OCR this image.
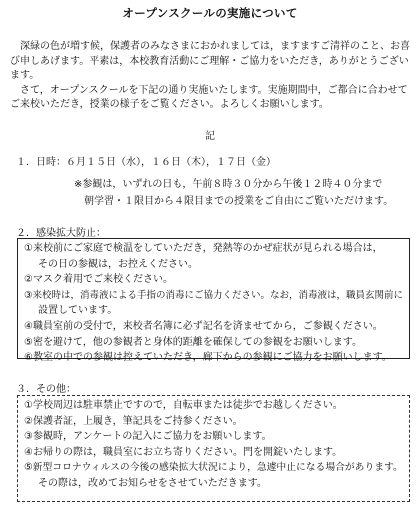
オープンスクールの実施について

深緑の色が増す候，保護者のみなさまにおかれましては，ますますご清祥のこと、お喜び申しあげます。平素は，本校教育活動にご理解・ご協力をいただき，ありがとうございます。

さて，オープンスクールを下記の通り実施いたします。実施期間中，ご都合に合わせてご来校いただき，授業の様子をご覧ください。よろしくお願いします。

記
１．日時：６月１５日（水），１６日（木），１７日（金）
※参観は，いずれの日も，午前８時３０分から午後１２時４０分まで
朝学習・１限目から４限目までの授業をご自由にご覧いただけます。
２．感染拡大防止：
①来校前にご家庭で検温をしていただき，発熱等のかぜ症状が見られる場合は，
その日の参観は，お控えください。
②マスク着用でご来校ください。
③来校時は，消毒液による手指の消毒にご協力ください。なお，消毒液は，職員玄関前に
設置しています。
④職員室前の受付で，来校者名簿に必ず記名を済ませてから，ご参観ください。
⑤密を避けて，他の参観者と身体的距離を確保しての参観をお願いします。
⑥教室の中での参観は控えていただき，廊下からの参観にご協力をお願いします。
３．その他：
①学校周辺は駐車禁止ですので，自転車または徒歩でお越しください。
②保護者証，上履き，筆記具をご持参ください。
③参観時，アンケートの記入にご協力をお願いします。
④お帰りの際は，職員室にお立ち寄りください。門を開錠いたします。
⑤新型コロナウィルスの今後の感染拡大状況により，急遽中止になる場合があります。
その際は，改めてお知らせをさせていただきます。
